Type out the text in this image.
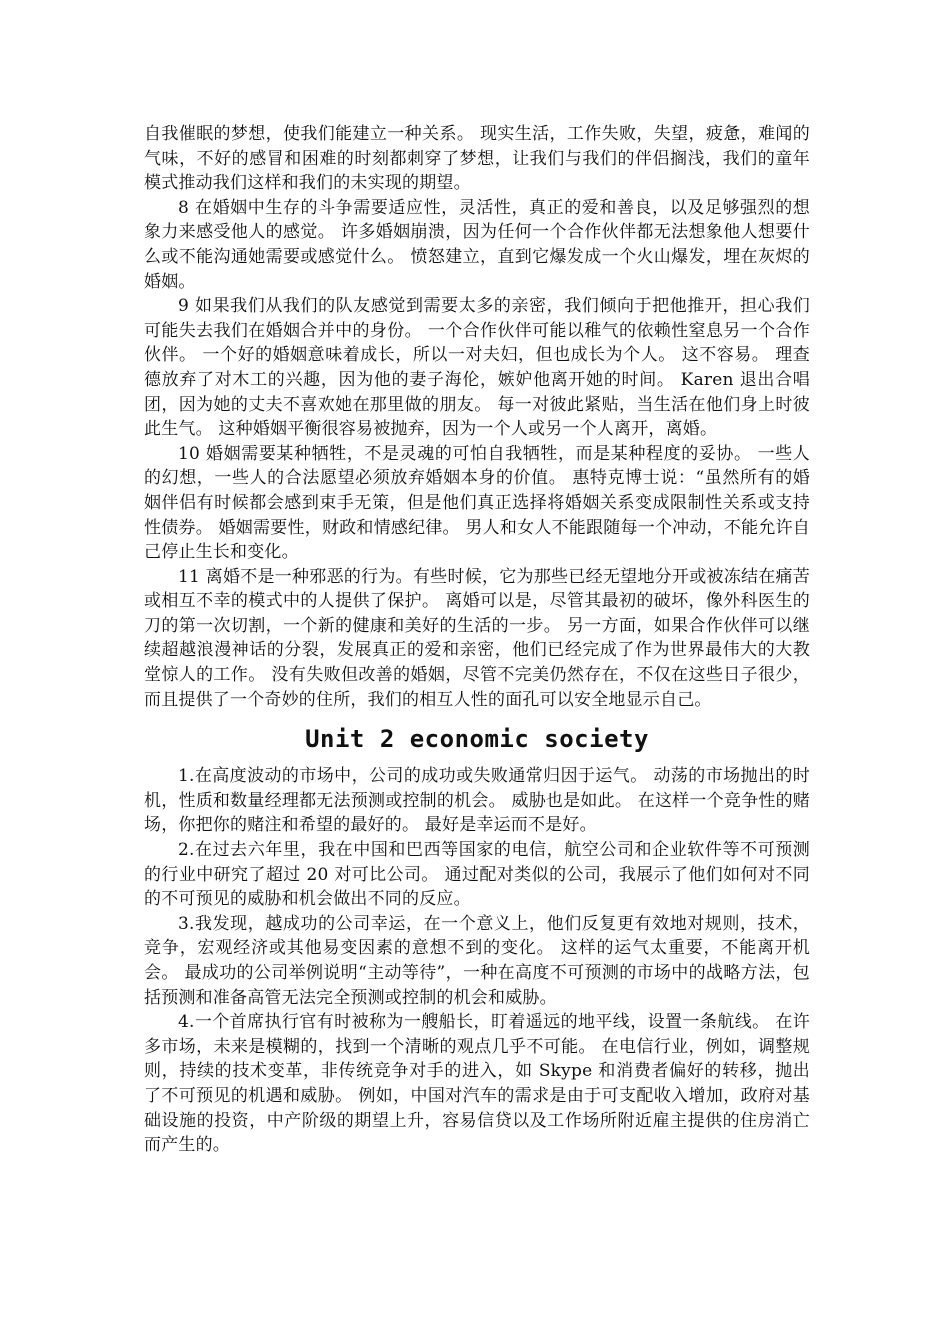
自我催眠的梦想，使我们能建立一种关系。 现实生活，工作失败，失望，疲惫，难闻的气味，不好的感冒和困难的时刻都刺穿了梦想，让我们与我们的伴侣搁浅，我们的童年模式推动我们这样和我们的未实现的期望。

8 在婚姻中生存的斗争需要适应性，灵活性，真正的爱和善良，以及足够强烈的想象力来感受他人的感觉。 许多婚姻崩溃，因为任何一个合作伙伴都无法想象他人想要什么或不能沟通她需要或感觉什么。 愤怒建立，直到它爆发成一个火山爆发，埋在灰烬的婚姻。

9 如果我们从我们的队友感觉到需要太多的亲密，我们倾向于把他推开，担心我们可能失去我们在婚姻合并中的身份。 一个合作伙伴可能以稚气的依赖性窒息另一个合作伙伴。 一个好的婚姻意味着成长，所以一对夫妇，但也成长为个人。 这不容易。 理查德放弃了对木工的兴趣，因为他的妻子海伦，嫉妒他离开她的时间。 Karen 退出合唱团，因为她的丈夫不喜欢她在那里做的朋友。 每一对彼此紧贴，当生活在他们身上时彼此生气。 这种婚姻平衡很容易被抛弃，因为一个人或另一个人离开，离婚。

10 婚姻需要某种牺牲，不是灵魂的可怕自我牺牲，而是某种程度的妥协。 一些人的幻想，一些人的合法愿望必须放弃婚姻本身的价值。 惠特克博士说：“虽然所有的婚姻伴侣有时候都会感到束手无策，但是他们真正选择将婚姻关系变成限制性关系或支持性债券。 婚姻需要性，财政和情感纪律。 男人和女人不能跟随每一个冲动，不能允许自己停止生长和变化。

11 离婚不是一种邪恶的行为。有些时候，它为那些已经无望地分开或被冻结在痛苦或相互不幸的模式中的人提供了保护。 离婚可以是，尽管其最初的破坏，像外科医生的刀的第一次切割，一个新的健康和美好的生活的一步。 另一方面，如果合作伙伴可以继续超越浪漫神话的分裂，发展真正的爱和亲密，他们已经完成了作为世界最伟大的大教堂惊人的工作。 没有失败但改善的婚姻，尽管不完美仍然存在，不仅在这些日子很少，而且提供了一个奇妙的住所，我们的相互人性的面孔可以安全地显示自己。

Unit 2 economic society

1.在高度波动的市场中，公司的成功或失败通常归因于运气。 动荡的市场抛出的时机，性质和数量经理都无法预测或控制的机会。 威胁也是如此。 在这样一个竞争性的赌场，你把你的赌注和希望的最好的。 最好是幸运而不是好。

2.在过去六年里，我在中国和巴西等国家的电信，航空公司和企业软件等不可预测的行业中研究了超过 20 对可比公司。 通过配对类似的公司，我展示了他们如何对不同的不可预见的威胁和机会做出不同的反应。

3.我发现，越成功的公司幸运，在一个意义上，他们反复更有效地对规则，技术，竞争，宏观经济或其他易变因素的意想不到的变化。 这样的运气太重要，不能离开机会。 最成功的公司举例说明“主动等待”，一种在高度不可预测的市场中的战略方法，包括预测和准备高管无法完全预测或控制的机会和威胁。

4.一个首席执行官有时被称为一艘船长，盯着遥远的地平线，设置一条航线。 在许多市场，未来是模糊的，找到一个清晰的观点几乎不可能。 在电信行业，例如，调整规则，持续的技术变革，非传统竞争对手的进入，如 Skype 和消费者偏好的转移，抛出了不可预见的机遇和威胁。 例如，中国对汽车的需求是由于可支配收入增加，政府对基础设施的投资，中产阶级的期望上升，容易信贷以及工作场所附近雇主提供的住房消亡而产生的。
